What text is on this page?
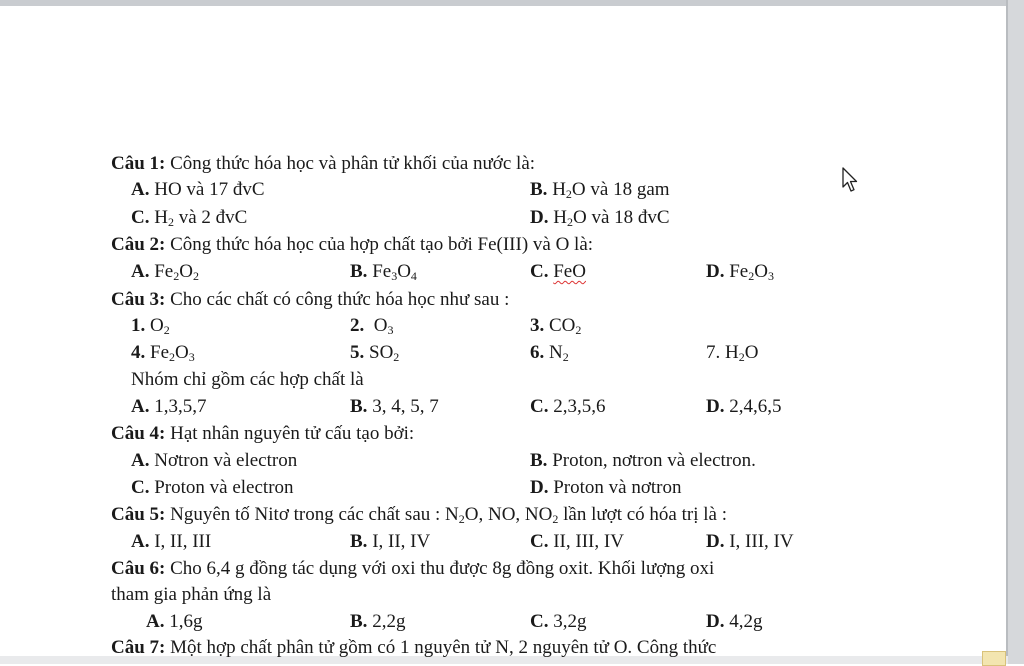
Câu 1: Công thức hóa học và phân tử khối của nước là:
A. HO và 17 đvC	B. $H_2O$ và 18 gam
C. $H_2$ và 2 đvC	D. $H_2O$ và 18 đvC
Câu 2: Công thức hóa học của hợp chất tạo bởi Fe(III) và O là:
A. $Fe_2O_2$	B. $Fe_3O_4$	C. FeO	D. $Fe_2O_3$
Câu 3: Cho các chất có công thức hóa học như sau :
1. $O_2$	2. $O_3$	3. $CO_2$
4. $Fe_2O_3$	5. $SO_2$	6. $N_2$	7. $H_2O$
Nhóm chỉ gồm các hợp chất là
A. 1,3,5,7	B. 3, 4, 5, 7	C. 2,3,5,6	D. 2,4,6,5
Câu 4: Hạt nhân nguyên tử cấu tạo bởi:
A. Nơtron và electron	B. Proton, nơtron và electron.
C. Proton và electron	D. Proton và nơtron
Câu 5: Nguyên tố Nitơ trong các chất sau : $N_2O$, NO, $NO_2$ lần lượt có hóa trị là :
A. I, II, III	B. I, II, IV	C. II, III, IV	D. I, III, IV
Câu 6: Cho 6,4 g đồng tác dụng với oxi thu được 8g đồng oxit. Khối lượng oxi
tham gia phản ứng là
A. 1,6g	B. 2,2g	C. 3,2g	D. 4,2g
Câu 7: Một hợp chất phân tử gồm có 1 nguyên tử N, 2 nguyên tử O. Công thức
